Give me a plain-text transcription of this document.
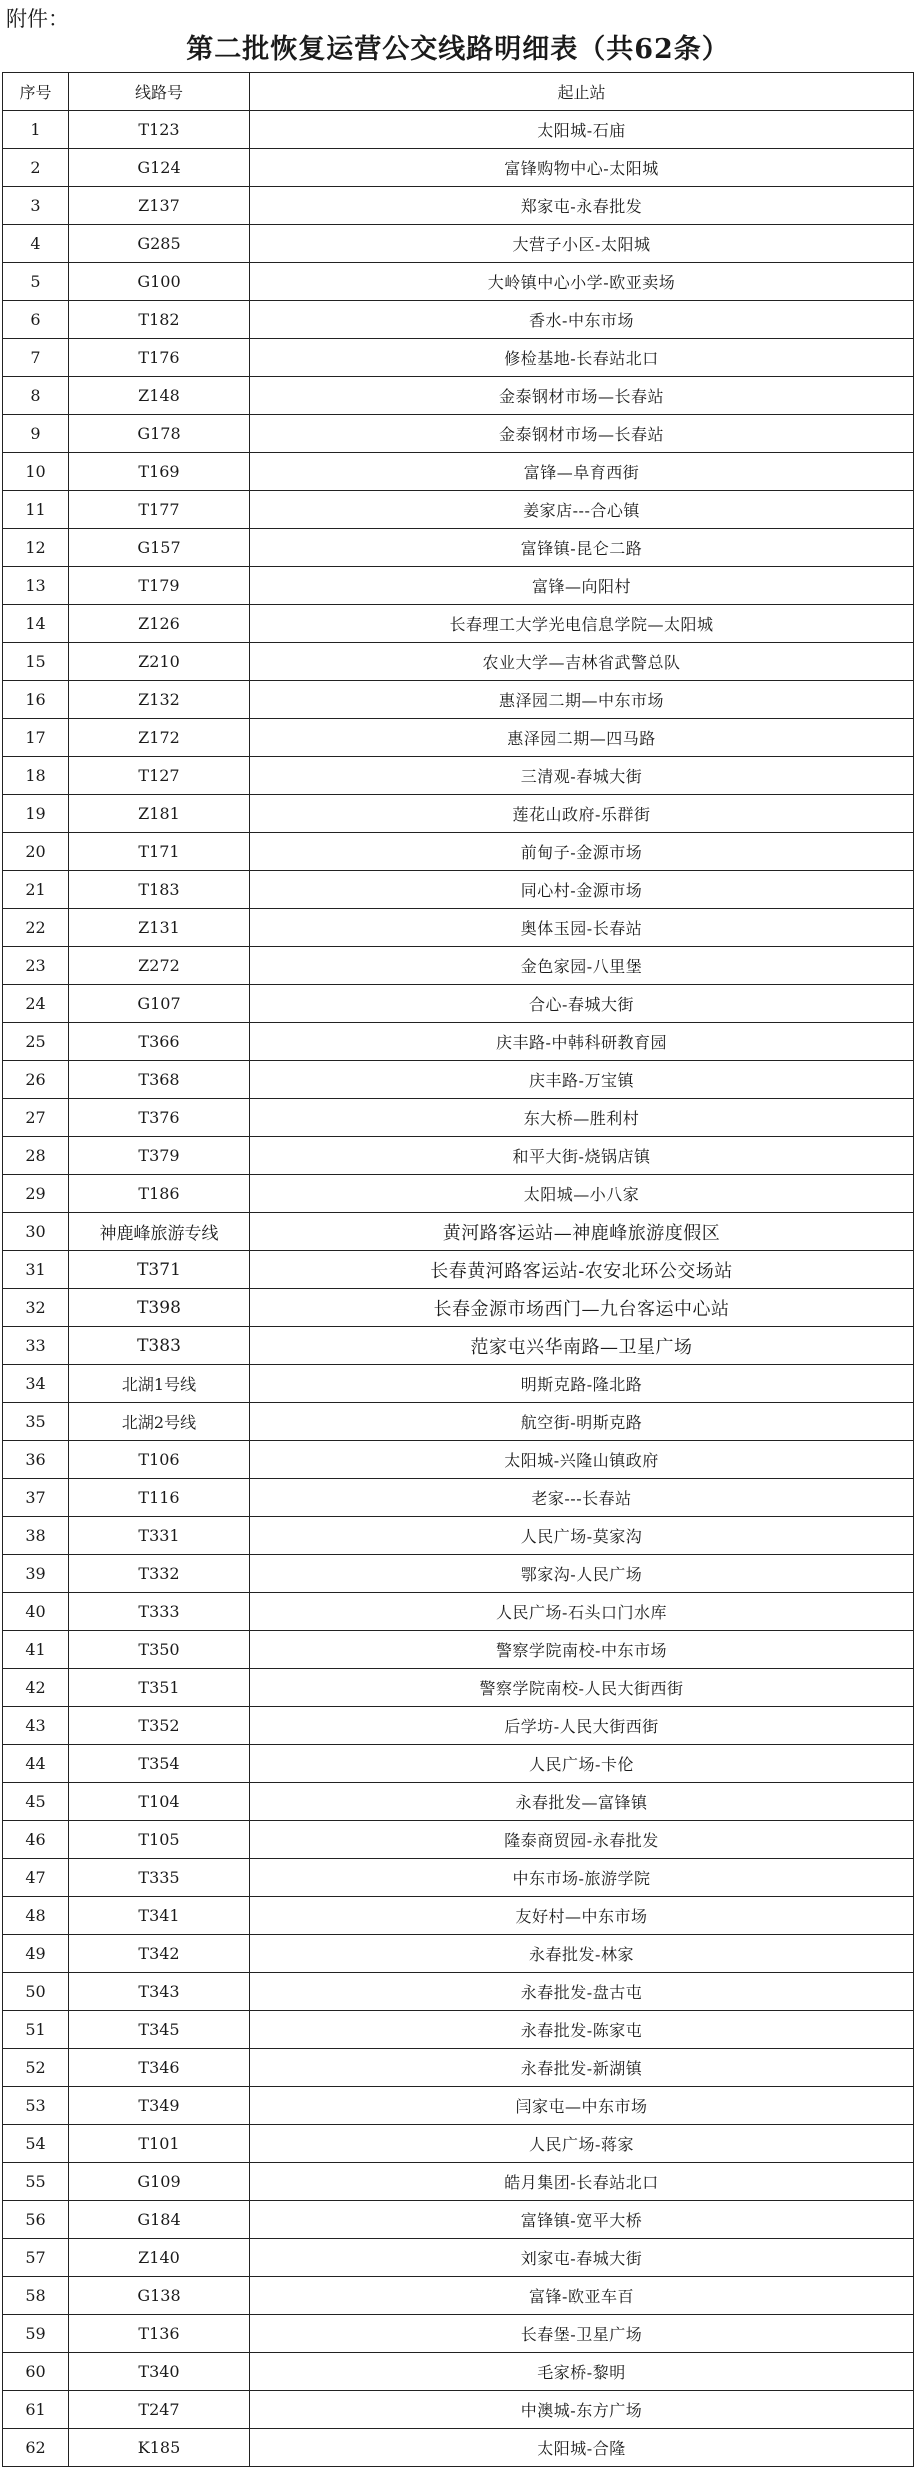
附件：
第二批恢复运营公交线路明细表（共62条）
序号	线路号	起止站
1	T123	太阳城-石庙
2	G124	富锋购物中心-太阳城
3	Z137	郑家屯-永春批发
4	G285	大营子小区-太阳城
5	G100	大岭镇中心小学-欧亚卖场
6	T182	香水-中东市场
7	T176	修检基地-长春站北口
8	Z148	金泰钢材市场—长春站
9	G178	金泰钢材市场—长春站
10	T169	富锋—阜育西街
11	T177	姜家店---合心镇
12	G157	富锋镇-昆仑二路
13	T179	富锋—向阳村
14	Z126	长春理工大学光电信息学院—太阳城
15	Z210	农业大学—吉林省武警总队
16	Z132	惠泽园二期—中东市场
17	Z172	惠泽园二期—四马路
18	T127	三清观-春城大街
19	Z181	莲花山政府-乐群街
20	T171	前甸子-金源市场
21	T183	同心村-金源市场
22	Z131	奥体玉园-长春站
23	Z272	金色家园-八里堡
24	G107	合心-春城大街
25	T366	庆丰路-中韩科研教育园
26	T368	庆丰路-万宝镇
27	T376	东大桥—胜利村
28	T379	和平大街-烧锅店镇
29	T186	太阳城—小八家
30	神鹿峰旅游专线	黄河路客运站—神鹿峰旅游度假区
31	T371	长春黄河路客运站-农安北环公交场站
32	T398	长春金源市场西门—九台客运中心站
33	T383	范家屯兴华南路—卫星广场
34	北湖1号线	明斯克路-隆北路
35	北湖2号线	航空街-明斯克路
36	T106	太阳城-兴隆山镇政府
37	T116	老家---长春站
38	T331	人民广场-莫家沟
39	T332	鄂家沟-人民广场
40	T333	人民广场-石头口门水库
41	T350	警察学院南校-中东市场
42	T351	警察学院南校-人民大街西街
43	T352	后学坊-人民大街西街
44	T354	人民广场-卡伦
45	T104	永春批发—富锋镇
46	T105	隆泰商贸园-永春批发
47	T335	中东市场-旅游学院
48	T341	友好村—中东市场
49	T342	永春批发-林家
50	T343	永春批发-盘古屯
51	T345	永春批发-陈家屯
52	T346	永春批发-新湖镇
53	T349	闫家屯—中东市场
54	T101	人民广场-蒋家
55	G109	皓月集团-长春站北口
56	G184	富锋镇-宽平大桥
57	Z140	刘家屯-春城大街
58	G138	富锋-欧亚车百
59	T136	长春堡-卫星广场
60	T340	毛家桥-黎明
61	T247	中澳城-东方广场
62	K185	太阳城-合隆
